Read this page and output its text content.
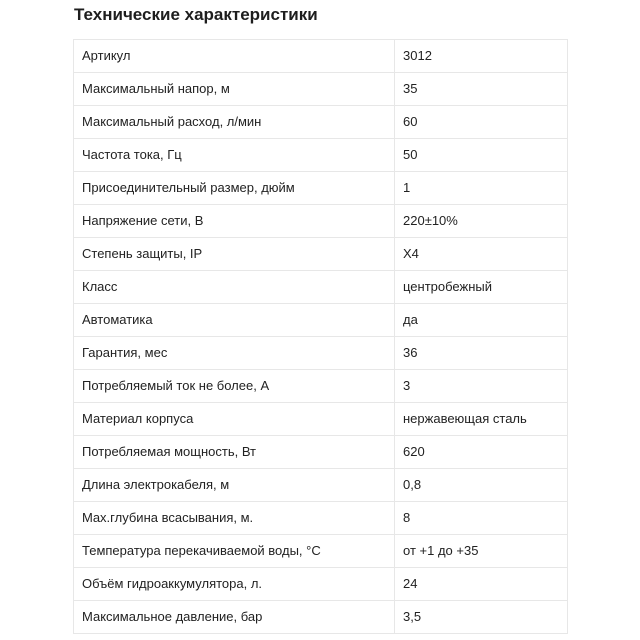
Технические характеристики
Артикул	3012
Максимальный напор, м	35
Максимальный расход, л/мин	60
Частота тока, Гц	50
Присоединительный размер, дюйм	1
Напряжение сети, В	220±10%
Степень защиты, IP	X4
Класс	центробежный
Автоматика	да
Гарантия, мес	36
Потребляемый ток не более, А	3
Материал корпуса	нержавеющая сталь
Потребляемая мощность, Вт	620
Длина электрокабеля, м	0,8
Max.глубина всасывания, м.	8
Температура перекачиваемой воды, °C	от +1 до +35
Объём гидроаккумулятора, л.	24
Максимальное давление, бар	3,5
